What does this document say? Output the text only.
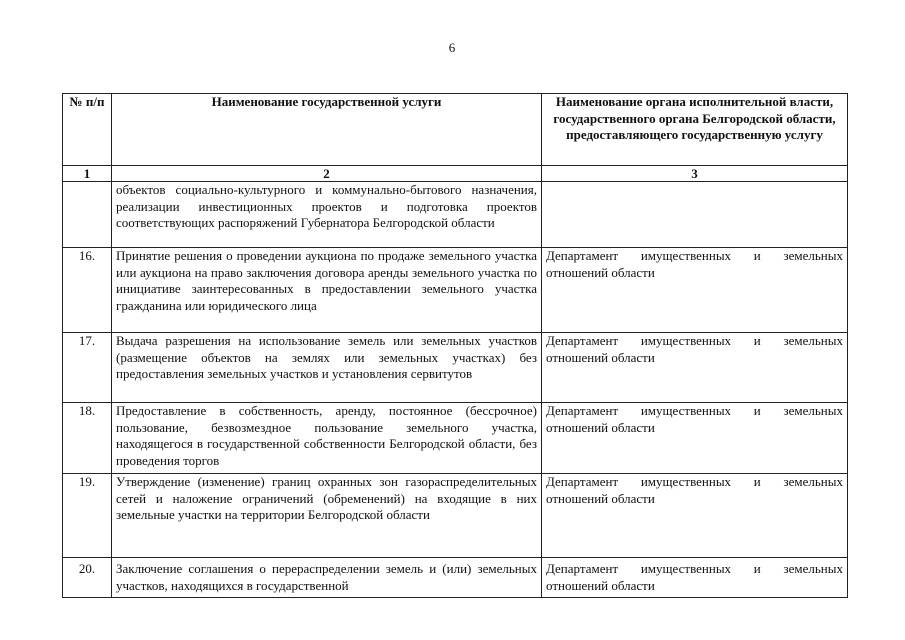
6
№ п/п	Наименование государственной услуги	Наименование органа исполнительной власти, государственного органа Белгородской области, предоставляющего государственную услугу
1	2	3
	объектов социально-культурного и коммунально-бытового назначения, реализации инвестиционных проектов и подготовка проектов соответствующих распоряжений Губернатора Белгородской области	
16.	Принятие решения о проведении аукциона по продаже земельного участка или аукциона на право заключения договора аренды земельного участка по инициативе заинтересованных в предоставлении земельного участка гражданина или юридического лица	Департамент имущественных и земельных отношений области
17.	Выдача разрешения на использование земель или земельных участков (размещение объектов на землях или земельных участках) без предоставления земельных участков и установления сервитутов	Департамент имущественных и земельных отношений области
18.	Предоставление в собственность, аренду, постоянное (бессрочное) пользование, безвозмездное пользование земельного участка, находящегося в государственной собственности Белгородской области, без проведения торгов	Департамент имущественных и земельных отношений области
19.	Утверждение (изменение) границ охранных зон газораспределительных сетей и наложение ограничений (обременений) на входящие в них земельные участки на территории Белгородской области	Департамент имущественных и земельных отношений области
20.	Заключение соглашения о перераспределении земель и (или) земельных участков, находящихся в государственной	Департамент имущественных и земельных отношений области
